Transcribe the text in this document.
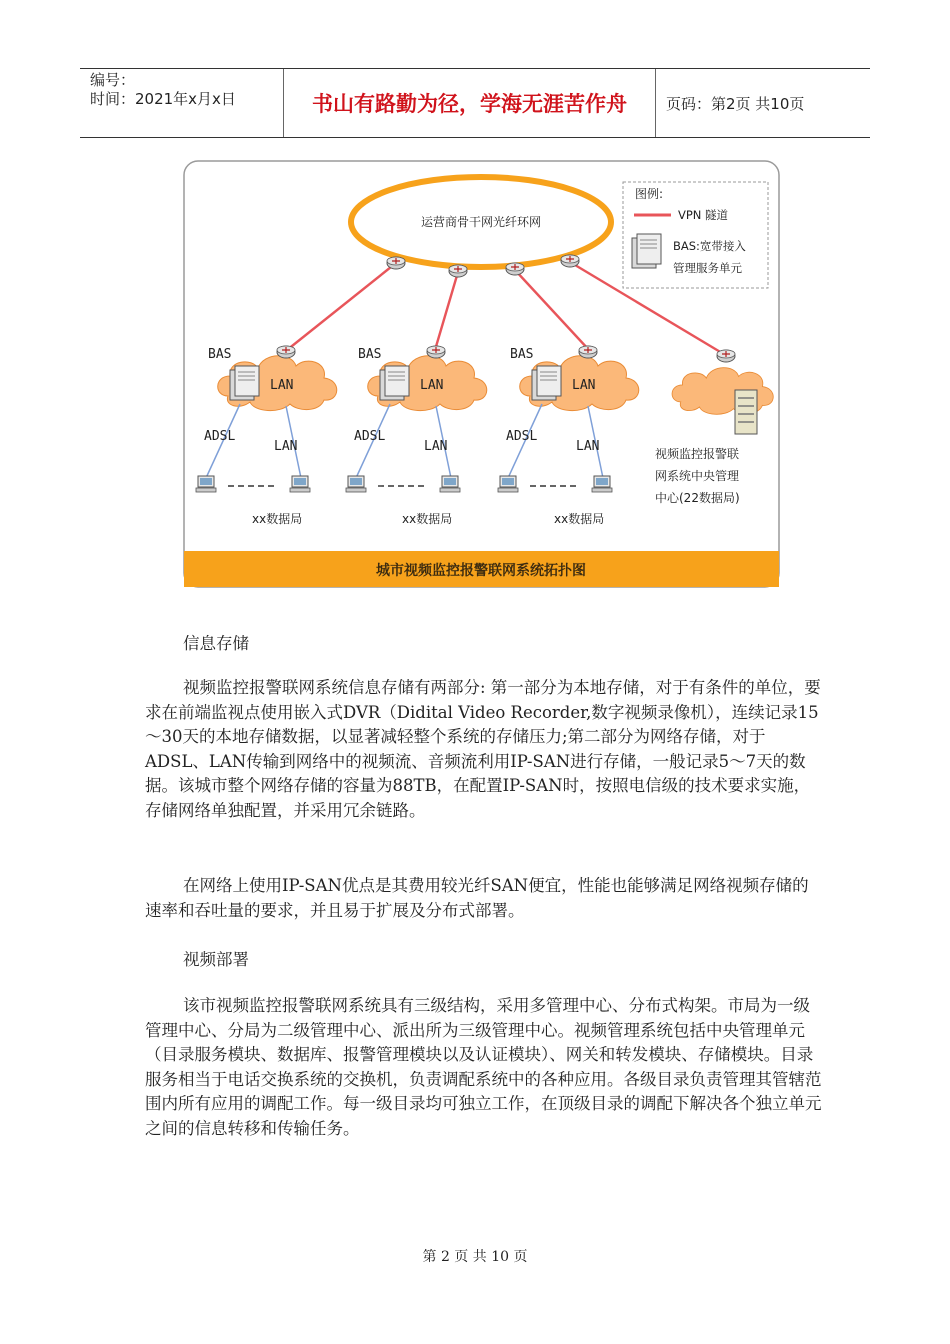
编号：
时间：2021年x月x日	书山有路勤为径，学海无涯苦作舟	页码：第2页 共10页
图例:
VPN 隧道
BAS:宽带接入
管理服务单元
运营商骨干网光纤环网
BAS
LAN
ADSL
LAN
xx数据局
BAS
LAN
ADSL
LAN
xx数据局
BAS
LAN
ADSL
LAN
xx数据局
视频监控报警联
网系统中央管理
中心(22数据局)
城市视频监控报警联网系统拓扑图
信息存储
视频监控报警联网系统信息存储有两部分: 第一部分为本地存储，对于有条件的单位，要求在前端监视点使用嵌入式DVR（Didital Video Recorder,数字视频录像机），连续记录15～30天的本地存储数据，以显著减轻整个系统的存储压力;第二部分为网络存储，对于ADSL、LAN传输到网络中的视频流、音频流利用IP-SAN进行存储，一般记录5～7天的数据。该城市整个网络存储的容量为88TB，在配置IP-SAN时，按照电信级的技术要求实施，存储网络单独配置，并采用冗余链路。
在网络上使用IP-SAN优点是其费用较光纤SAN便宜，性能也能够满足网络视频存储的速率和吞吐量的要求，并且易于扩展及分布式部署。
视频部署
该市视频监控报警联网系统具有三级结构，采用多管理中心、分布式构架。市局为一级管理中心、分局为二级管理中心、派出所为三级管理中心。视频管理系统包括中央管理单元（目录服务模块、数据库、报警管理模块以及认证模块）、网关和转发模块、存储模块。目录服务相当于电话交换系统的交换机，负责调配系统中的各种应用。各级目录负责管理其管辖范围内所有应用的调配工作。每一级目录均可独立工作，在顶级目录的调配下解决各个独立单元之间的信息转移和传输任务。
第 2 页 共 10 页
